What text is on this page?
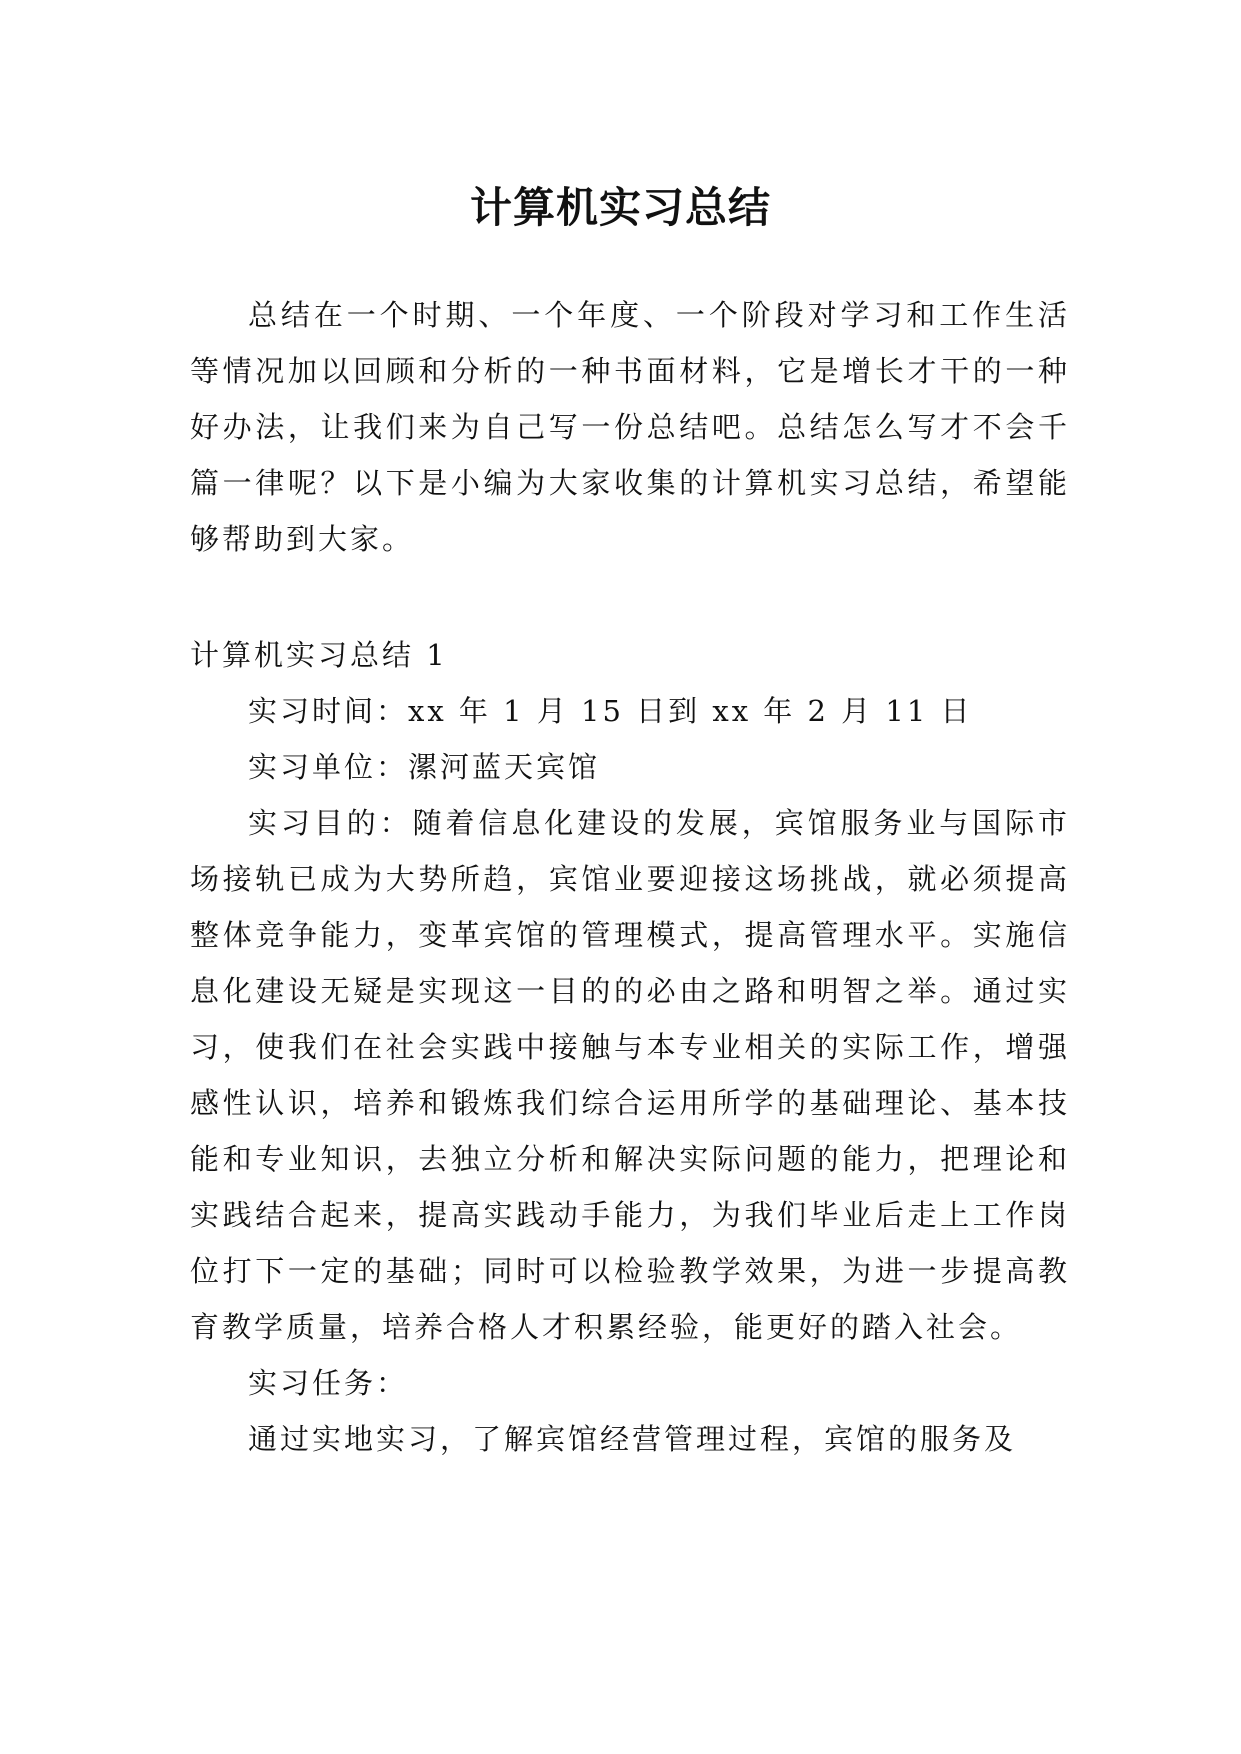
计算机实习总结

总结在一个时期、一个年度、一个阶段对学习和工作生活等情况加以回顾和分析的一种书面材料，它是增长才干的一种好办法，让我们来为自己写一份总结吧。总结怎么写才不会千篇一律呢？以下是小编为大家收集的计算机实习总结，希望能够帮助到大家。

计算机实习总结 1

实习时间：xx 年 1 月 15 日到 xx 年 2 月 11 日

实习单位：漯河蓝天宾馆

实习目的：随着信息化建设的发展，宾馆服务业与国际市场接轨已成为大势所趋，宾馆业要迎接这场挑战，就必须提高整体竞争能力，变革宾馆的管理模式，提高管理水平。实施信息化建设无疑是实现这一目的的必由之路和明智之举。通过实习，使我们在社会实践中接触与本专业相关的实际工作，增强感性认识，培养和锻炼我们综合运用所学的基础理论、基本技能和专业知识，去独立分析和解决实际问题的能力，把理论和实践结合起来，提高实践动手能力，为我们毕业后走上工作岗位打下一定的基础；同时可以检验教学效果，为进一步提高教育教学质量，培养合格人才积累经验，能更好的踏入社会。

实习任务：

通过实地实习，了解宾馆经营管理过程，宾馆的服务及
